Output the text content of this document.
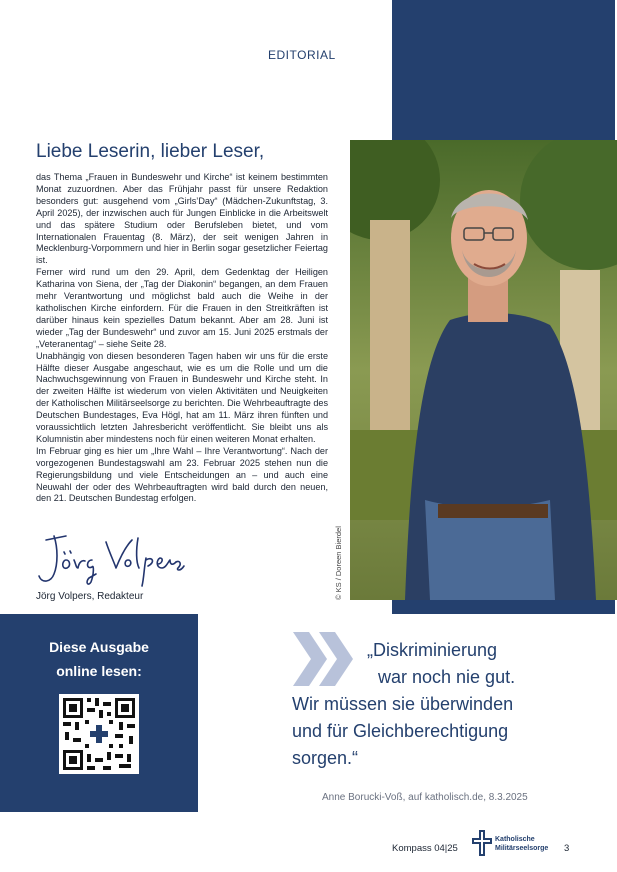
EDITORIAL
Liebe Leserin, lieber Leser,

das Thema „Frauen in Bundeswehr und Kirche“ ist keinem bestimmten Monat zuzuordnen. Aber das Frühjahr passt für unsere Redaktion besonders gut: ausgehend vom „Girls’Day“ (Mädchen-Zukunftstag, 3. April 2025), der inzwischen auch für Jungen Einblicke in die Arbeitswelt und das spätere Studium oder Berufsleben bietet, und vom Internationalen Frauentag (8. März), der seit wenigen Jahren in Mecklenburg-Vorpommern und hier in Berlin sogar gesetzlicher Feiertag ist.

Ferner wird rund um den 29. April, dem Gedenktag der Heiligen Katharina von Siena, der „Tag der Diakonin“ begangen, an dem Frauen mehr Verantwortung und möglichst bald auch die Weihe in der katholischen Kirche einfordern. Für die Frauen in den Streitkräften ist darüber hinaus kein spezielles Datum bekannt. Aber am 28. Juni ist wieder „Tag der Bundeswehr“ und zuvor am 15. Juni 2025 erstmals der „Veteranentag“ – siehe Seite 28.

Unabhängig von diesen besonderen Tagen haben wir uns für die erste Hälfte dieser Ausgabe angeschaut, wie es um die Rolle und um die Nachwuchsgewinnung von Frauen in Bundeswehr und Kirche steht. In der zweiten Hälfte ist wiederum von vielen Aktivitäten und Neuigkeiten der Katholischen Militärseelsorge zu berichten. Die Wehrbeauftragte des Deutschen Bundestages, Eva Högl, hat am 11. März ihren fünften und voraussichtlich letzten Jahresbericht veröffentlicht. Sie bleibt uns als Kolumnistin aber mindestens noch für einen weiteren Monat erhalten.

Im Februar ging es hier um „Ihre Wahl – Ihre Verantwortung“. Nach der vorgezogenen Bundestagswahl am 23. Februar 2025 stehen nun die Regierungsbildung und viele Entscheidungen an – und auch eine Neuwahl der oder des Wehrbeauftragten wird bald durch den neuen, den 21. Deutschen Bundestag erfolgen.

Jörg Volpers, Redakteur	© KS / Doreen Bierdel
Diese Ausgabe
online lesen:
„Diskriminierung
war noch nie gut.
Wir müssen sie überwinden
und für Gleichberechtigung
sorgen.“
Anne Borucki-Voß, auf katholisch.de, 8.3.2025
Kompass 04|25
Katholische
Militärseelsorge 3
